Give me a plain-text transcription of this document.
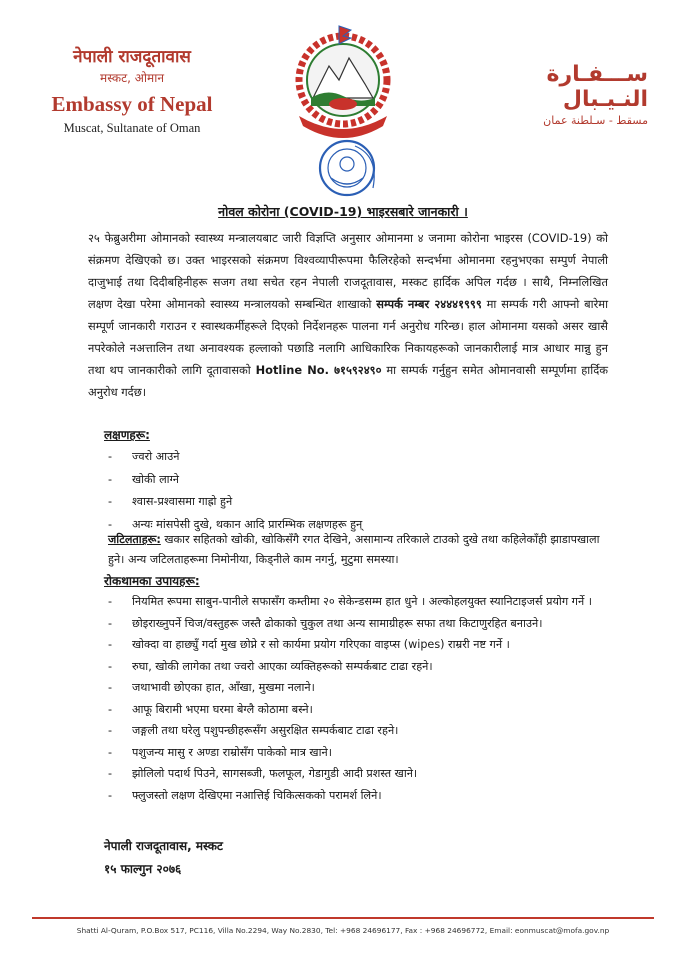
नेपाली राजदूतावास
मस्कट, ओमान
Embassy of Nepal
Muscat, Sultanate of Oman
ســـفـارة النـيـبال
مسقط - سـلطنة عمان
नोवल कोरोना (COVID-19) भाइरसबारे जानकारी ।
२५ फेब्रुअरीमा ओमानको स्वास्थ्य मन्त्रालयबाट जारी विज्ञप्ति अनुसार ओमानमा ४ जनामा कोरोना भाइरस (COVID-19) को संक्रमण देखिएको छ। उक्त भाइरसको संक्रमण विश्वव्यापीरूपमा फैलिरहेको सन्दर्भमा ओमानमा रहनुभएका सम्पुर्ण नेपाली दाजुभाई तथा दिदीबहिनीहरू सजग तथा सचेत रहन नेपाली राजदूतावास, मस्कट हार्दिक अपिल गर्दछ । साथै, निम्नलिखित लक्षण देखा परेमा ओमानको स्वास्थ्य मन्त्रालयको सम्बन्धित शाखाको सम्पर्क नम्बर २४४४१९९९ मा सम्पर्क गरी आफ्नो बारेमा सम्पूर्ण जानकारी गराउन र स्वास्थकर्मीहरूले दिएको निर्देशनहरू पालना गर्न अनुरोध गरिन्छ। हाल ओमानमा यसको असर खासै नपरेकोले नअत्तालिन तथा अनावश्यक हल्लाको पछाडि नलागि आधिकारिक निकायहरूको जानकारीलाई मात्र आधार मान्नु हुन तथा थप जानकारीको लागि दूतावासको Hotline No. ७१५९२४९० मा सम्पर्क गर्नुहुन समेत ओमानवासी सम्पूर्णमा हार्दिक अनुरोध गर्दछ।
लक्षणहरू:
- ज्वरो आउने
- खोकी लाग्ने
- श्वास-प्रश्वासमा गाह्रो हुने
- अन्यः मांसपेसी दुखे, थकान आदि प्रारम्भिक लक्षणहरू हुन्
जटिलताहरू: खकार सहितको खोकी, खोकिसँगै रगत देखिने, असामान्य तरिकाले टाउको दुखे तथा कहिलेकाँही झाडापखाला हुने। अन्य जटिलताहरूमा निमोनीया, किड्नीले काम नगर्नु, मुटुमा समस्या।
रोकथामका उपायहरू:
- नियमित रूपमा साबुन-पानीले सफासँग कम्तीमा २० सेकेन्डसम्म हात धुने । अल्कोहलयुक्त स्यानिटाइजर्स प्रयोग गर्ने ।
- छोइराख्नुपर्ने चिज/वस्तुहरू जस्तै ढोकाको चुकुल तथा अन्य सामाग्रीहरू सफा तथा किटाणुरहित बनाउने।
- खोक्दा वा हाछ्युँ गर्दा मुख छोप्ने र सो कार्यमा प्रयोग गरिएका वाइप्स (wipes) राम्ररी नष्ट गर्ने ।
- रुघा, खोकी लागेका तथा ज्वरो आएका व्यक्तिहरूको सम्पर्कबाट टाढा रहने।
- जथाभावी छोएका हात, आँखा, मुखमा नलाने।
- आफू बिरामी भएमा घरमा बेग्लै कोठामा बस्ने।
- जङ्गली तथा घरेलु पशुपन्छीहरूसँग असुरक्षित सम्पर्कबाट टाढा रहने।
- पशुजन्य मासु र अण्डा राम्रोसँग पाकेको मात्र खाने।
- झोलिलो पदार्थ पिउने, सागसब्जी, फलफूल, गेडागुडी आदी प्रशस्त खाने।
- फ्लुजस्तो लक्षण देखिएमा नआत्तिई चिकित्सकको परामर्श लिने।
नेपाली राजदूतावास, मस्कट
१५ फाल्गुन २०७६
Shatti Al-Quram, P.O.Box 517, PC116, Villa No.2294, Way No.2830, Tel: +968 24696177, Fax : +968 24696772, Email: eonmuscat@mofa.gov.np
